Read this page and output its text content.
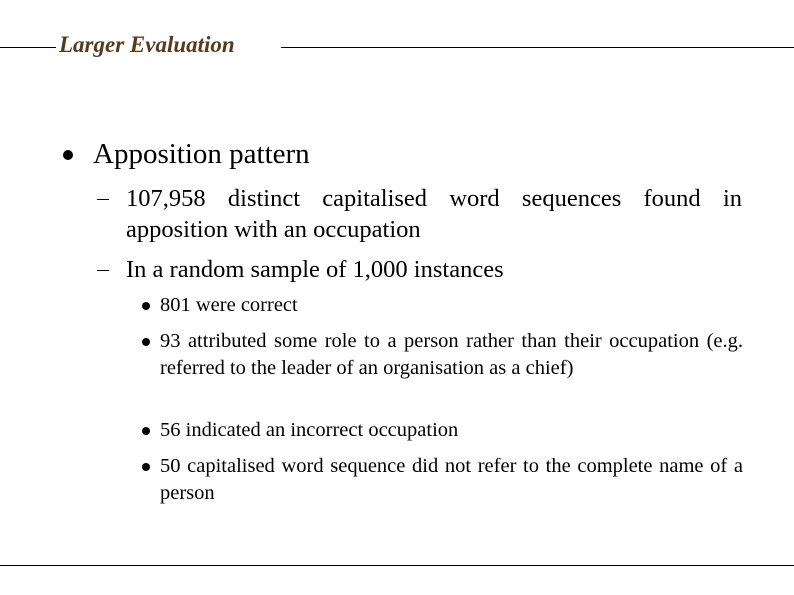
Larger Evaluation
Apposition pattern
107,958 distinct capitalised word sequences found in apposition with an occupation
In a random sample of 1,000 instances
801 were correct
93 attributed some role to a person rather than their occupation (e.g. referred to the leader of an organisation as a chief)
56 indicated an incorrect occupation
50 capitalised word sequence did not refer to the complete name of a person
